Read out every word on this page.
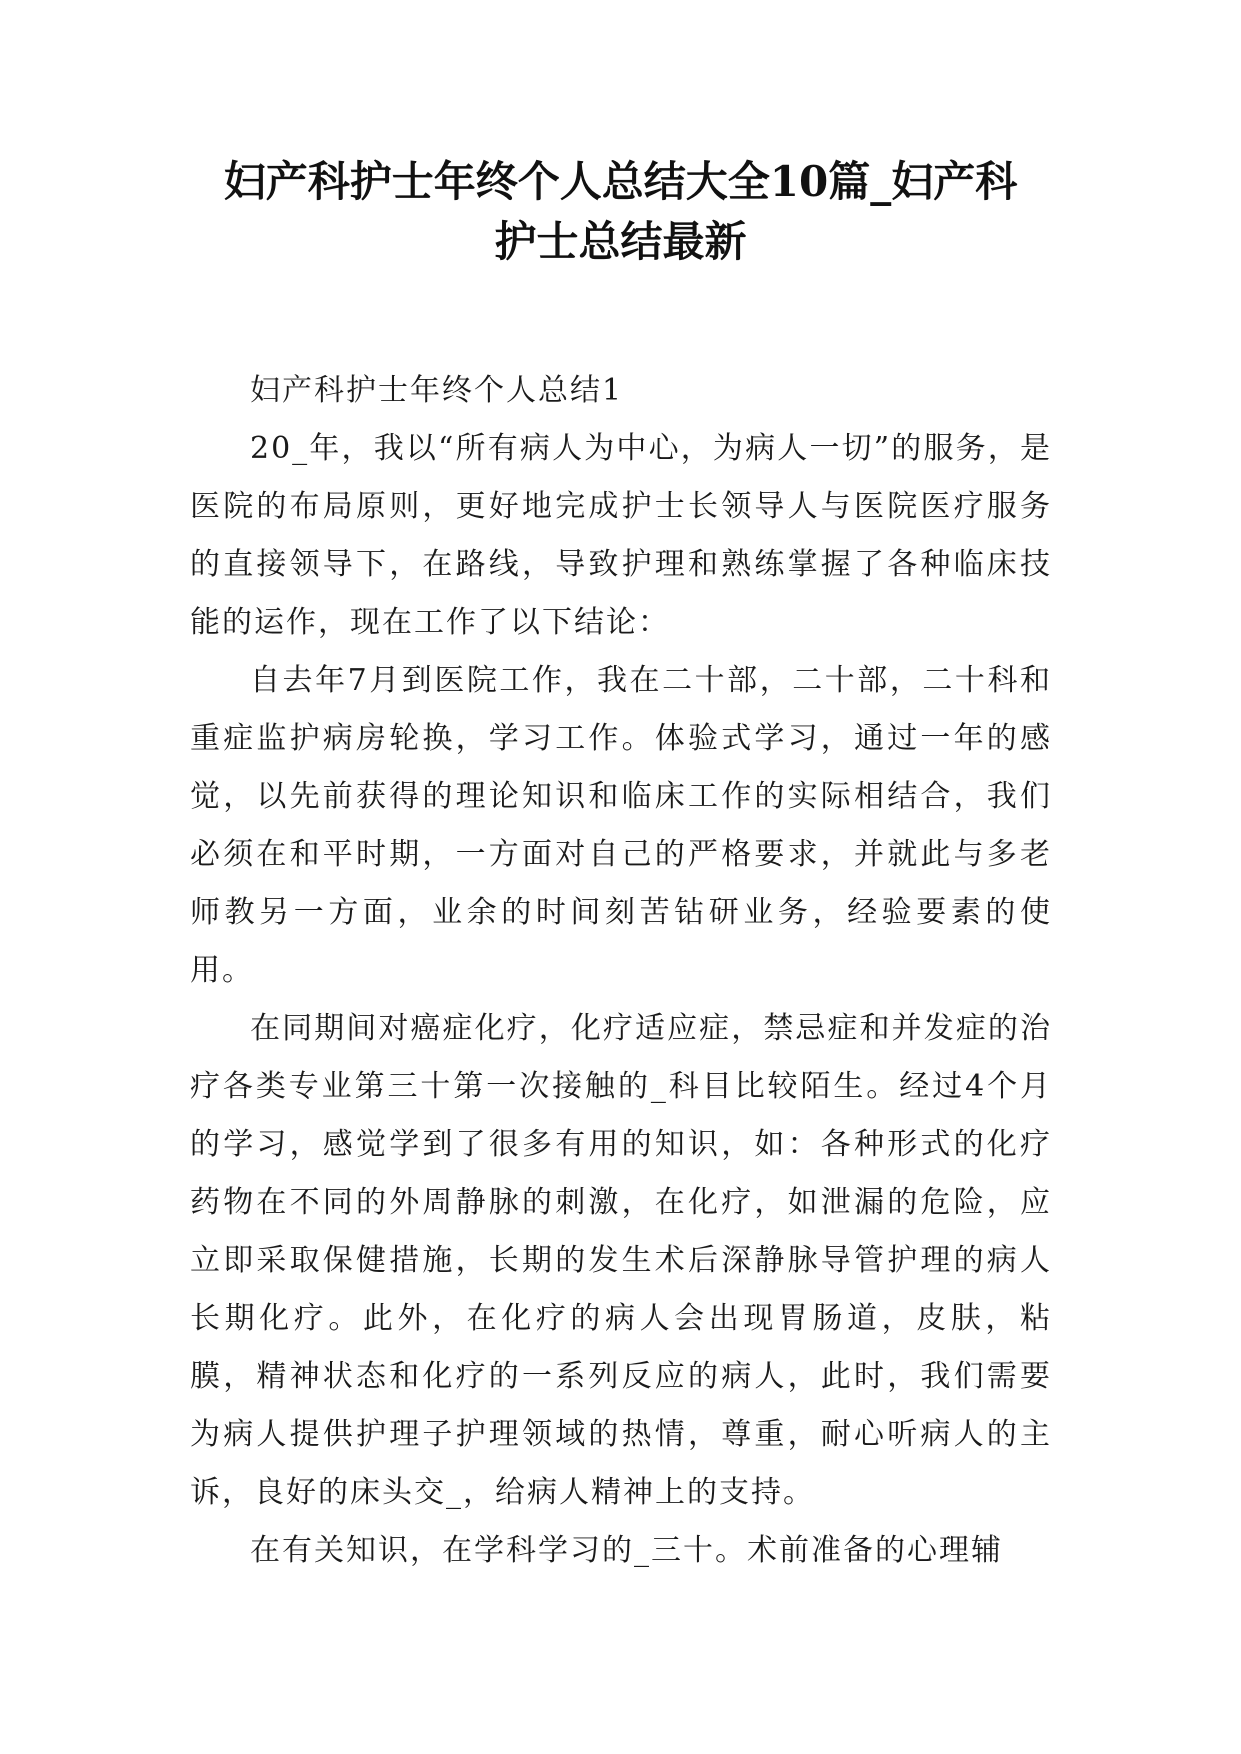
妇产科护士年终个人总结大全10篇_妇产科
护士总结最新

妇产科护士年终个人总结1

20_年，我以“所有病人为中心，为病人一切”的服务，是医院的布局原则，更好地完成护士长领导人与医院医疗服务的直接领导下，在路线，导致护理和熟练掌握了各种临床技能的运作，现在工作了以下结论：

自去年7月到医院工作，我在二十部，二十部，二十科和重症监护病房轮换，学习工作。体验式学习，通过一年的感觉，以先前获得的理论知识和临床工作的实际相结合，我们必须在和平时期，一方面对自己的严格要求，并就此与多老师教另一方面，业余的时间刻苦钻研业务，经验要素的使用。

在同期间对癌症化疗，化疗适应症，禁忌症和并发症的治疗各类专业第三十第一次接触的_科目比较陌生。经过4个月的学习，感觉学到了很多有用的知识，如：各种形式的化疗药物在不同的外周静脉的刺激，在化疗，如泄漏的危险，应立即采取保健措施，长期的发生术后深静脉导管护理的病人长期化疗。此外，在化疗的病人会出现胃肠道，皮肤，粘膜，精神状态和化疗的一系列反应的病人，此时，我们需要为病人提供护理子护理领域的热情，尊重，耐心听病人的主诉，良好的床头交_，给病人精神上的支持。

在有关知识，在学科学习的_三十。术前准备的心理辅
